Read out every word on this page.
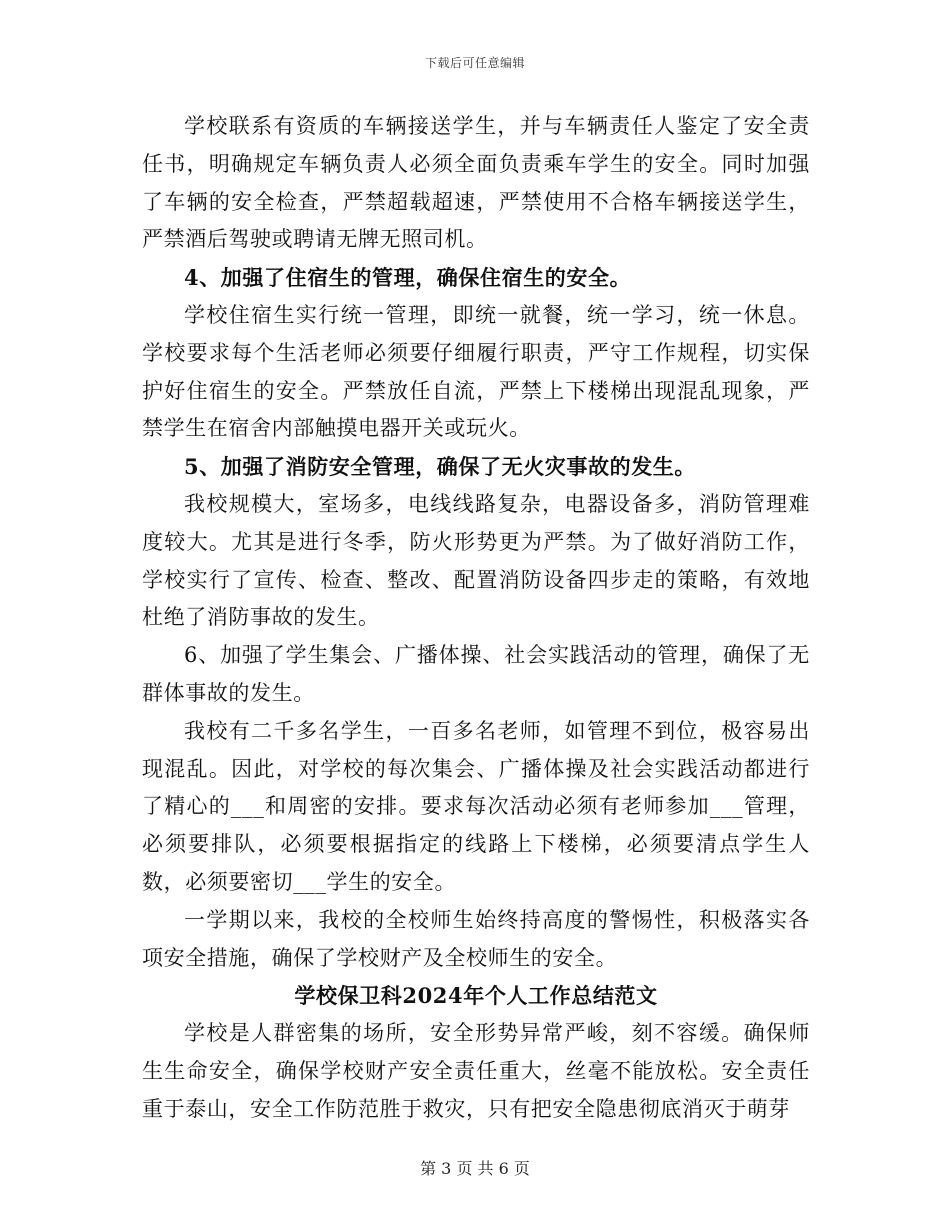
下载后可任意编辑

学校联系有资质的车辆接送学生，并与车辆责任人鉴定了安全责任书，明确规定车辆负责人必须全面负责乘车学生的安全。同时加强了车辆的安全检查，严禁超载超速，严禁使用不合格车辆接送学生，严禁酒后驾驶或聘请无牌无照司机。

4、加强了住宿生的管理，确保住宿生的安全。

学校住宿生实行统一管理，即统一就餐，统一学习，统一休息。学校要求每个生活老师必须要仔细履行职责，严守工作规程，切实保护好住宿生的安全。严禁放任自流，严禁上下楼梯出现混乱现象，严禁学生在宿舍内部触摸电器开关或玩火。

5、加强了消防安全管理，确保了无火灾事故的发生。

我校规模大，室场多，电线线路复杂，电器设备多，消防管理难度较大。尤其是进行冬季，防火形势更为严禁。为了做好消防工作，学校实行了宣传、检查、整改、配置消防设备四步走的策略，有效地杜绝了消防事故的发生。

6、加强了学生集会、广播体操、社会实践活动的管理，确保了无群体事故的发生。

我校有二千多名学生，一百多名老师，如管理不到位，极容易出现混乱。因此，对学校的每次集会、广播体操及社会实践活动都进行了精心的___和周密的安排。要求每次活动必须有老师参加___管理，必须要排队，必须要根据指定的线路上下楼梯，必须要清点学生人数，必须要密切___学生的安全。

一学期以来，我校的全校师生始终持高度的警惕性，积极落实各项安全措施，确保了学校财产及全校师生的安全。

学校保卫科2024年个人工作总结范文

学校是人群密集的场所，安全形势异常严峻，刻不容缓。确保师生生命安全，确保学校财产安全责任重大，丝毫不能放松。安全责任重于泰山，安全工作防范胜于救灾，只有把安全隐患彻底消灭于萌芽

第 3 页 共 6 页
